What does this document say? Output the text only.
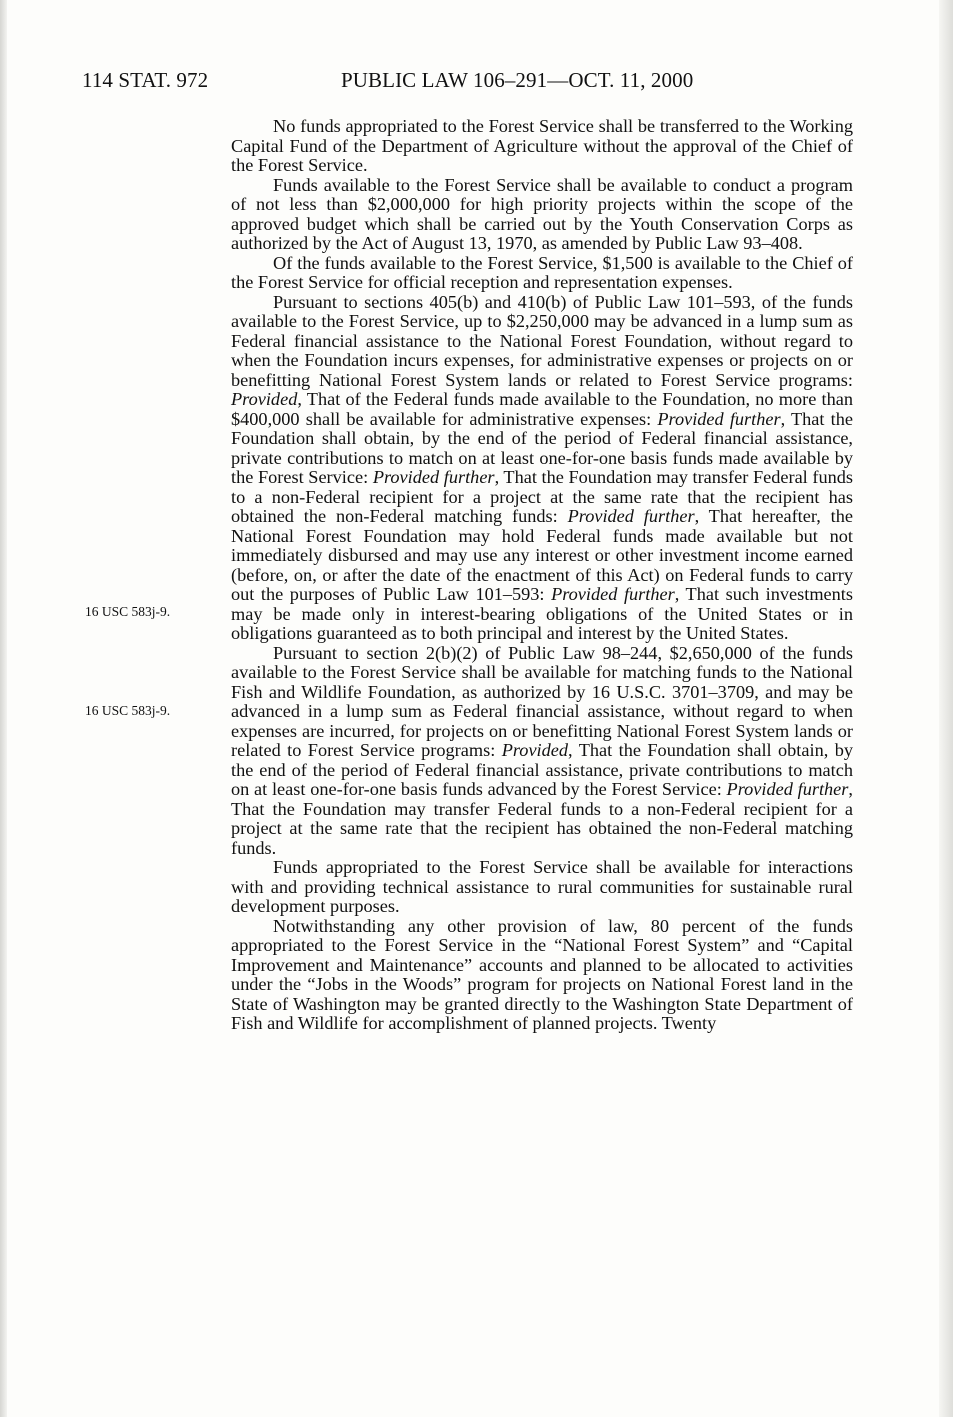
114 STAT. 972	PUBLIC LAW 106–291—OCT. 11, 2000
16 USC 583j-9.
16 USC 583j-9.

No funds appropriated to the Forest Service shall be transferred to the Working Capital Fund of the Department of Agriculture without the approval of the Chief of the Forest Service.

Funds available to the Forest Service shall be available to conduct a program of not less than $2,000,000 for high priority projects within the scope of the approved budget which shall be carried out by the Youth Conservation Corps as authorized by the Act of August 13, 1970, as amended by Public Law 93–408.

Of the funds available to the Forest Service, $1,500 is available to the Chief of the Forest Service for official reception and representation expenses.

Pursuant to sections 405(b) and 410(b) of Public Law 101–593, of the funds available to the Forest Service, up to $2,250,000 may be advanced in a lump sum as Federal financial assistance to the National Forest Foundation, without regard to when the Foundation incurs expenses, for administrative expenses or projects on or benefitting National Forest System lands or related to Forest Service programs: Provided, That of the Federal funds made available to the Foundation, no more than $400,000 shall be available for administrative expenses: Provided further, That the Foundation shall obtain, by the end of the period of Federal financial assistance, private contributions to match on at least one-for-one basis funds made available by the Forest Service: Provided further, That the Foundation may transfer Federal funds to a non-Federal recipient for a project at the same rate that the recipient has obtained the non-Federal matching funds: Provided further, That hereafter, the National Forest Foundation may hold Federal funds made available but not immediately disbursed and may use any interest or other investment income earned (before, on, or after the date of the enactment of this Act) on Federal funds to carry out the purposes of Public Law 101–593: Provided further, That such investments may be made only in interest-bearing obligations of the United States or in obligations guaranteed as to both principal and interest by the United States.

Pursuant to section 2(b)(2) of Public Law 98–244, $2,650,000 of the funds available to the Forest Service shall be available for matching funds to the National Fish and Wildlife Foundation, as authorized by 16 U.S.C. 3701–3709, and may be advanced in a lump sum as Federal financial assistance, without regard to when expenses are incurred, for projects on or benefitting National Forest System lands or related to Forest Service programs: Provided, That the Foundation shall obtain, by the end of the period of Federal financial assistance, private contributions to match on at least one-for-one basis funds advanced by the Forest Service: Provided further, That the Foundation may transfer Federal funds to a non-Federal recipient for a project at the same rate that the recipient has obtained the non-Federal matching funds.

Funds appropriated to the Forest Service shall be available for interactions with and providing technical assistance to rural communities for sustainable rural development purposes.

Notwithstanding any other provision of law, 80 percent of the funds appropriated to the Forest Service in the “National Forest System” and “Capital Improvement and Maintenance” accounts and planned to be allocated to activities under the “Jobs in the Woods” program for projects on National Forest land in the State of Washington may be granted directly to the Washington State Department of Fish and Wildlife for accomplishment of planned projects. Twenty
